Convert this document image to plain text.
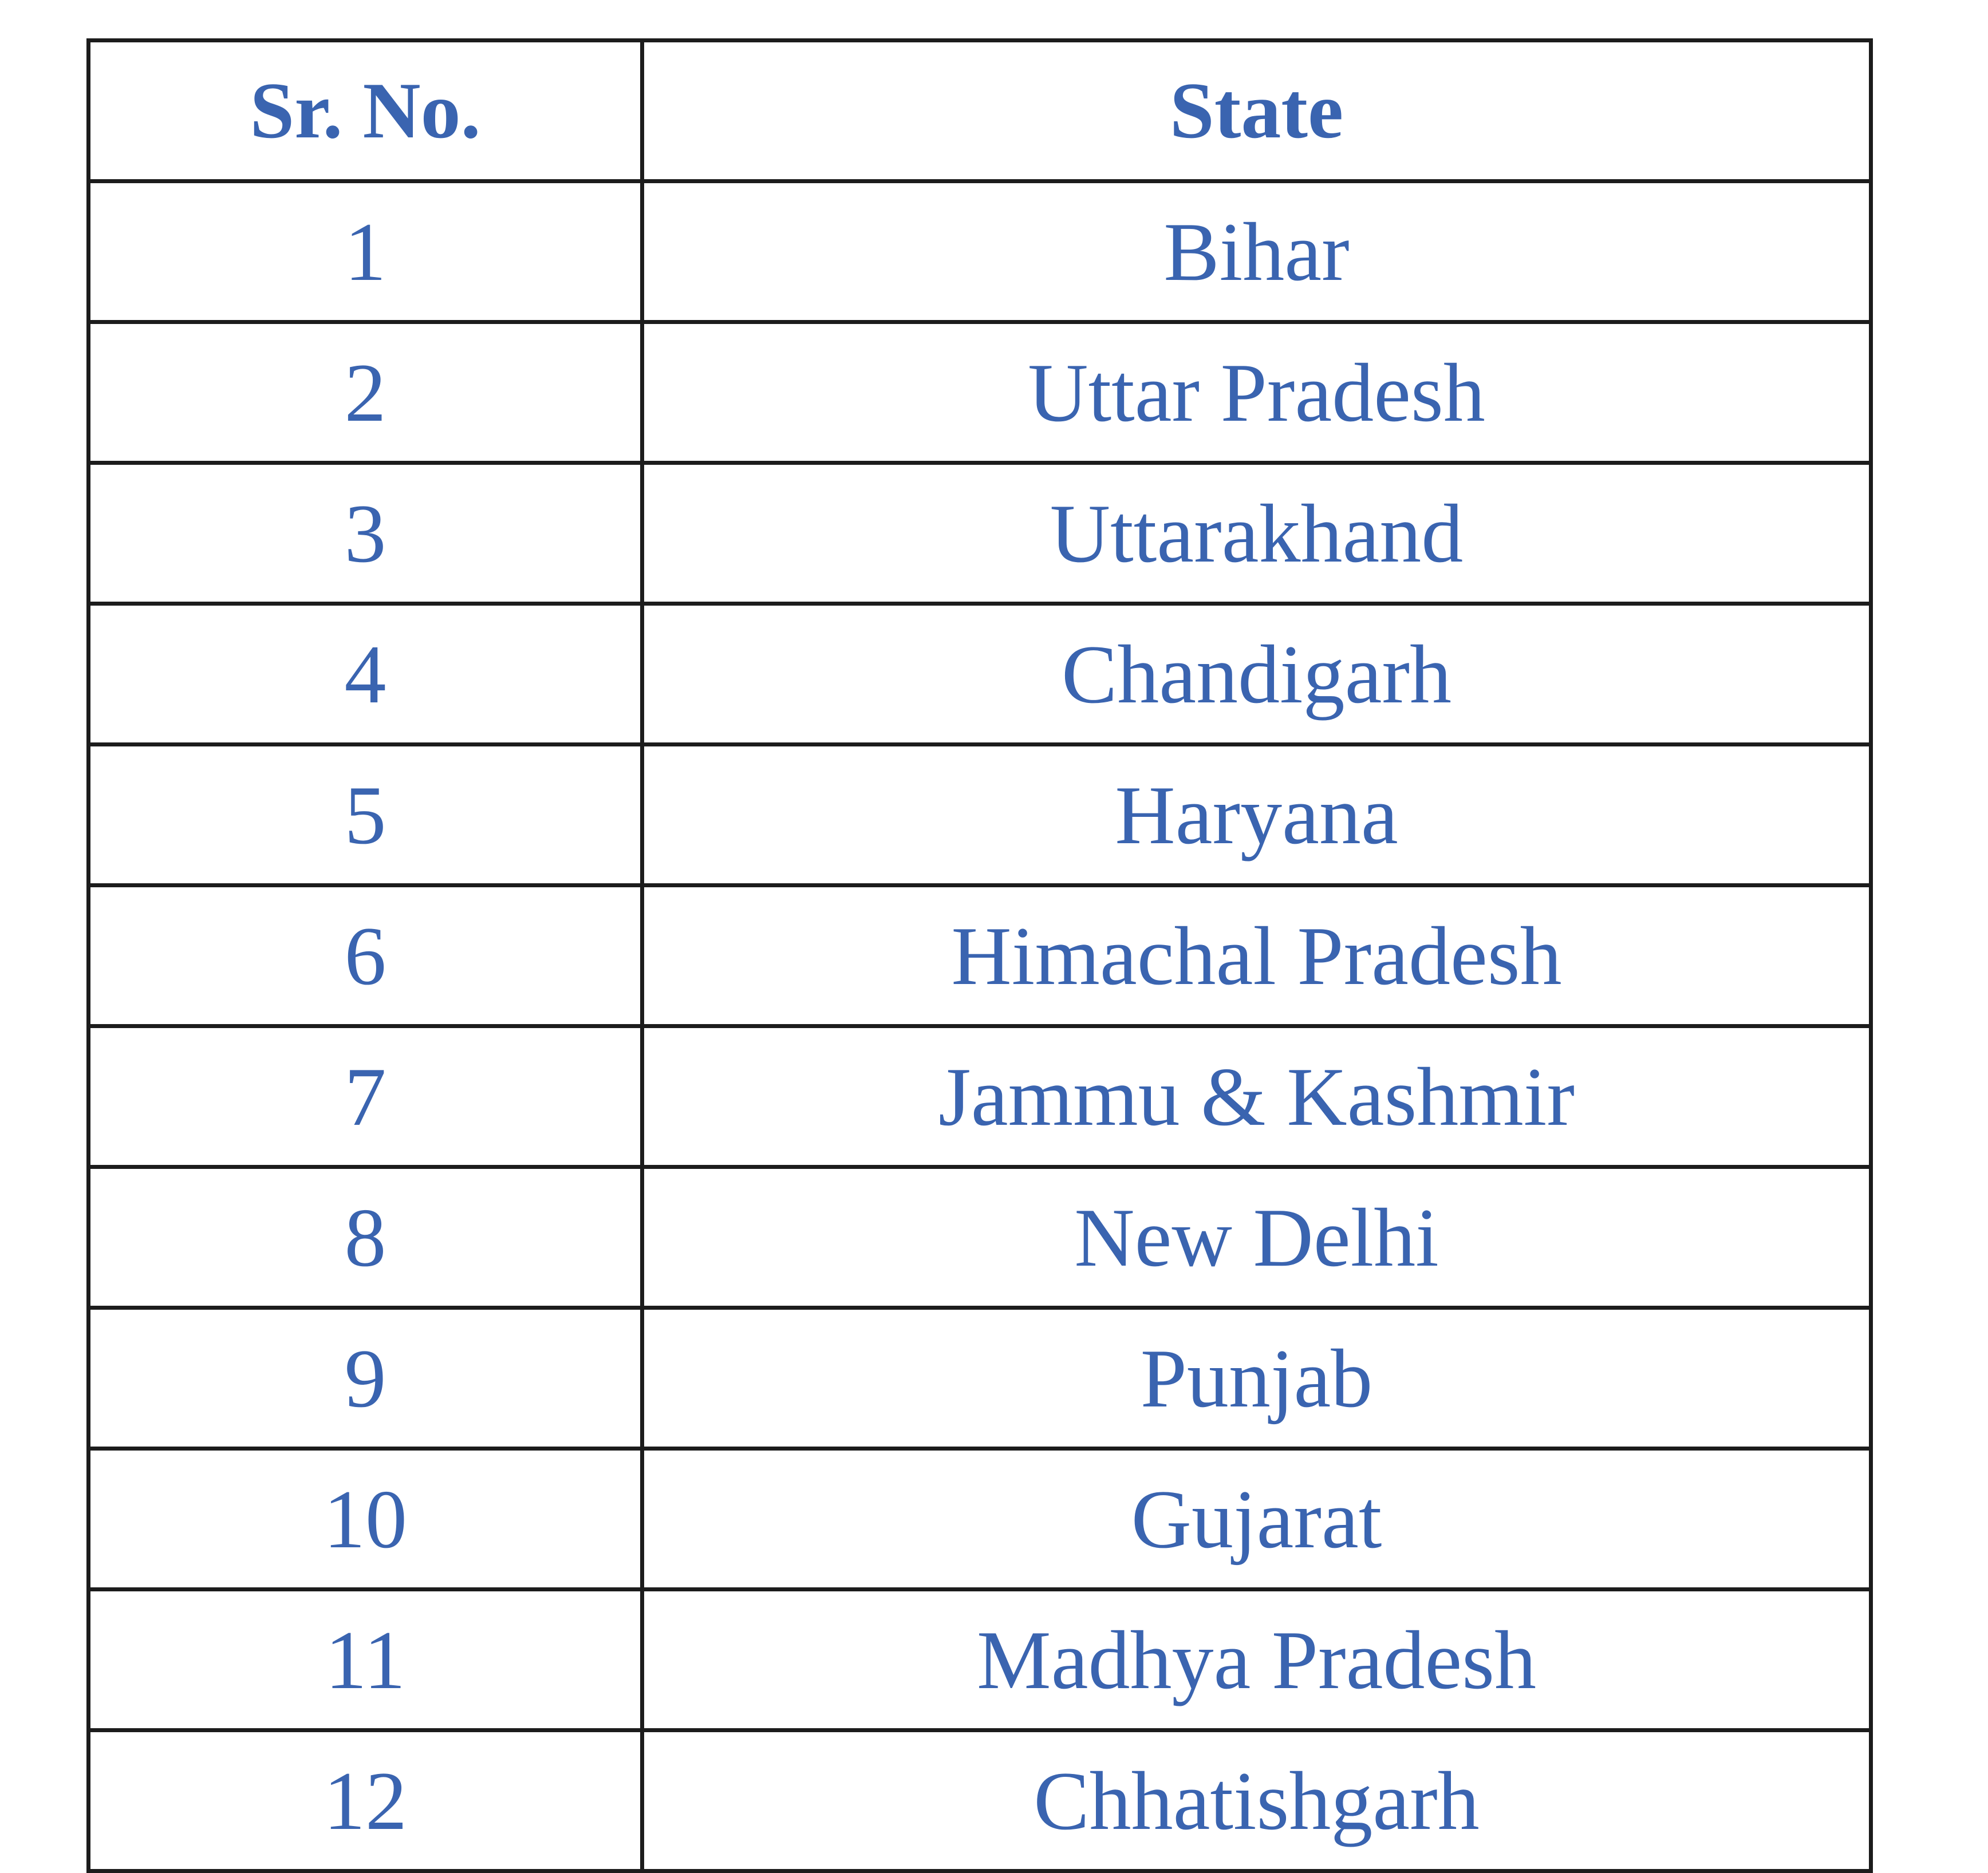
Sr. No.	State
1	Bihar
2	Uttar Pradesh
3	Uttarakhand
4	Chandigarh
5	Haryana
6	Himachal Pradesh
7	Jammu & Kashmir
8	New Delhi
9	Punjab
10	Gujarat
11	Madhya Pradesh
12	Chhatishgarh
